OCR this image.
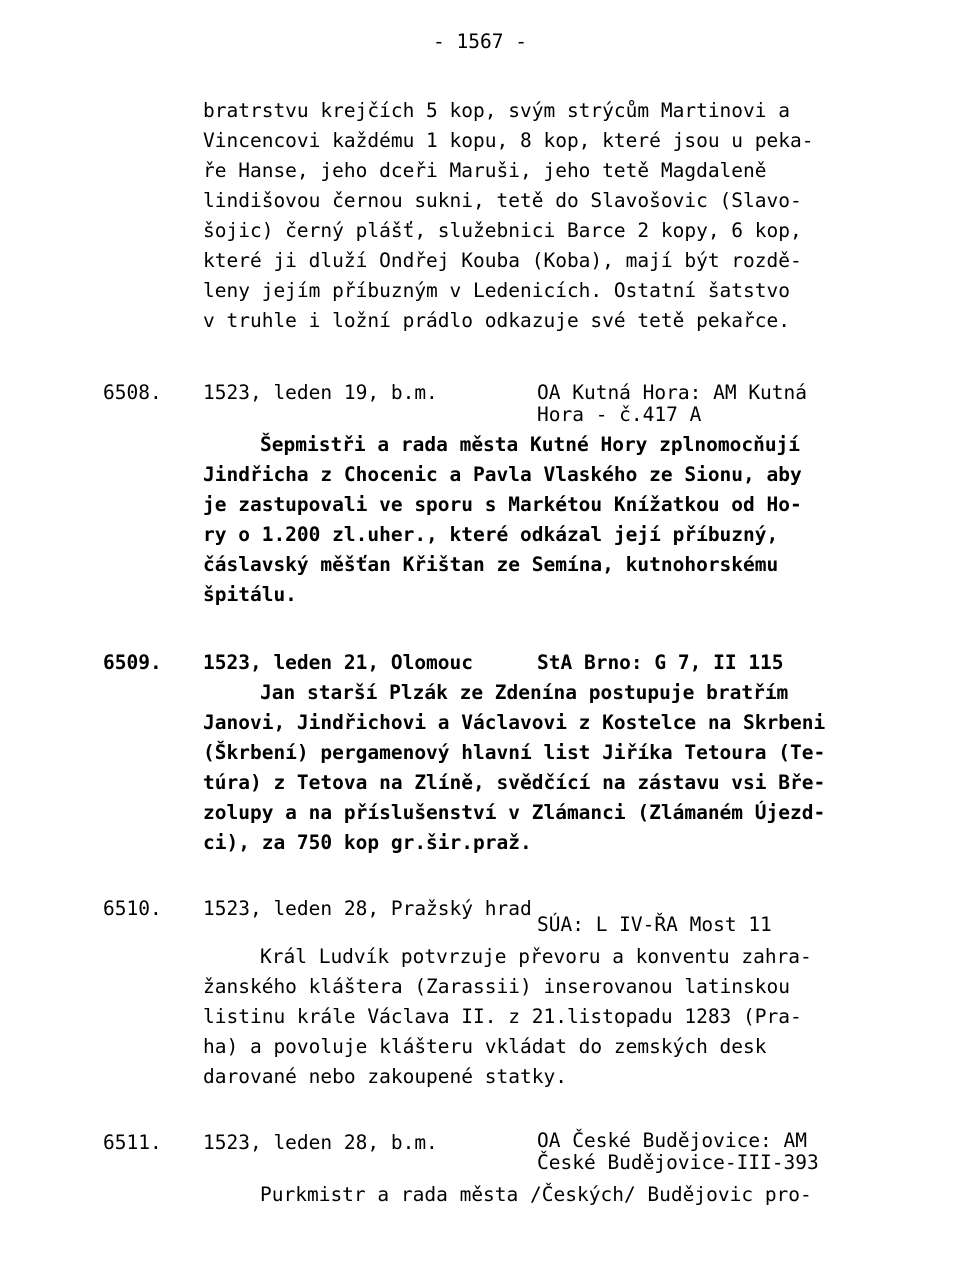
- 1567 -
bratrstvu krejčích 5 kop, svým strýcům Martinovi a
Vincencovi každému 1 kopu, 8 kop, které jsou u peka-
ře Hanse, jeho dceři Maruši, jeho tetě Magdaleně
lindišovou černou sukni, tetě do Slavošovic (Slavo-
šojic) černý plášť, služebnici Barce 2 kopy, 6 kop,
které ji dluží Ondřej Kouba (Koba), mají být rozdě-
leny jejím příbuzným v Ledenicích. Ostatní šatstvo
v truhle i ložní prádlo odkazuje své tetě pekařce.
6508. 1523, leden 19, b.m.	OA Kutná Hora: AM Kutná
Hora - č.417 A
Šepmistři a rada města Kutné Hory zplnomocňují
Jindřicha z Chocenic a Pavla Vlaského ze Sionu, aby
je zastupovali ve sporu s Markétou Knížatkou od Ho-
ry o 1.200 zl.uher., které odkázal její příbuzný,
čáslavský měšťan Křištan ze Semína, kutnohorskému
špitálu.
6509. 1523, leden 21, Olomouc	StA Brno: G 7, II 115
Jan starší Plzák ze Zdenína postupuje bratřím
Janovi, Jindřichovi a Václavovi z Kostelce na Skrbeni
(Škrbení) pergamenový hlavní list Jiříka Tetoura (Te-
túra) z Tetova na Zlíně, svědčící na zástavu vsi Bře-
zolupy a na příslušenství v Zlámanci (Zlámaném Újezd-
ci), za 750 kop gr.šir.praž.
6510. 1523, leden 28, Pražský hrad
SÚA: L IV-ŘA Most 11
Král Ludvík potvrzuje převoru a konventu zahra-
žanského kláštera (Zarassii) inserovanou latinskou
listinu krále Václava II. z 21.listopadu 1283 (Pra-
ha) a povoluje klášteru vkládat do zemských desk
darované nebo zakoupené statky.
6511. 1523, leden 28, b.m.	OA České Budějovice: AM
České Budějovice-III-393
Purkmistr a rada města /Českých/ Budějovic pro-
